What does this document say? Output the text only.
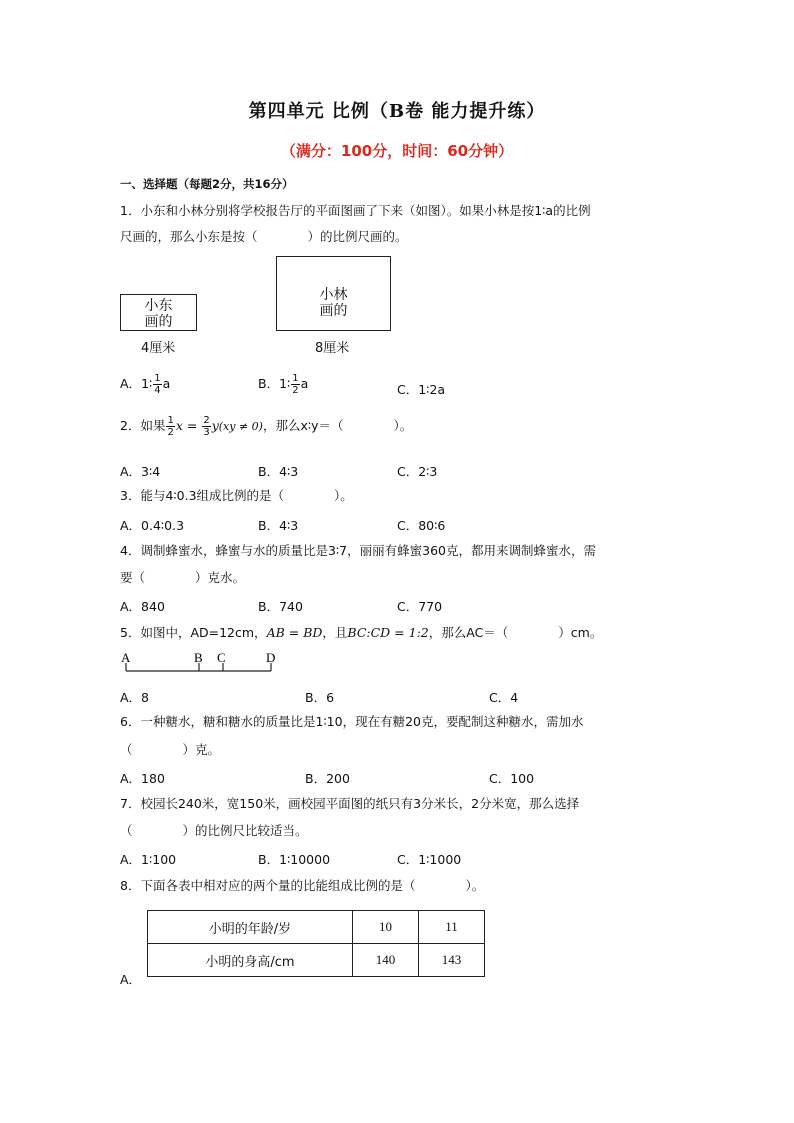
第四单元 比例（B卷 能力提升练）
（满分：100分，时间：60分钟）
一、选择题（每题2分，共16分）
1．小东和小林分别将学校报告厅的平面图画了下来（如图）。如果小林是按1∶a的比例
尺画的，那么小东是按（　　　　）的比例尺画的。
小东
画的
4厘米
小林
画的
8厘米
A．1∶ $\frac{1}{4}$ a	B．1∶ $\frac{1}{2}$ a	C．1∶2a
2．如果 $\frac{1}{2}$ $x = \frac{2}{3} y(xy \ne 0)$，那么x∶y＝（　　　　）。
A．3∶4	B．4∶3	C．2∶3
3．能与4∶0.3组成比例的是（　　　　）。
A．0.4∶0.3	B．4∶3	C．80∶6
4．调制蜂蜜水，蜂蜜与水的质量比是3∶7，丽丽有蜂蜜360克，都用来调制蜂蜜水，需
要（　　　　）克水。
A．840	B．740	C．770
5．如图中，AD=12cm，AB = BD，且BC:CD = 1:2，那么AC＝（　　　　）cm。
A	B C	D
A．8	B．6	C．4
6．一种糖水，糖和糖水的质量比是1∶10，现在有糖20克，要配制这种糖水，需加水
（　　　　）克。
A．180	B．200	C．100
7．校园长240米，宽150米，画校园平面图的纸只有3分米长，2分米宽，那么选择
（　　　　）的比例尺比较适当。
A．1∶100	B．1∶10000	C．1∶1000
8．下面各表中相对应的两个量的比能组成比例的是（　　　　）。
小明的年龄/岁	10	11
小明的身高/cm	140	143
A．
